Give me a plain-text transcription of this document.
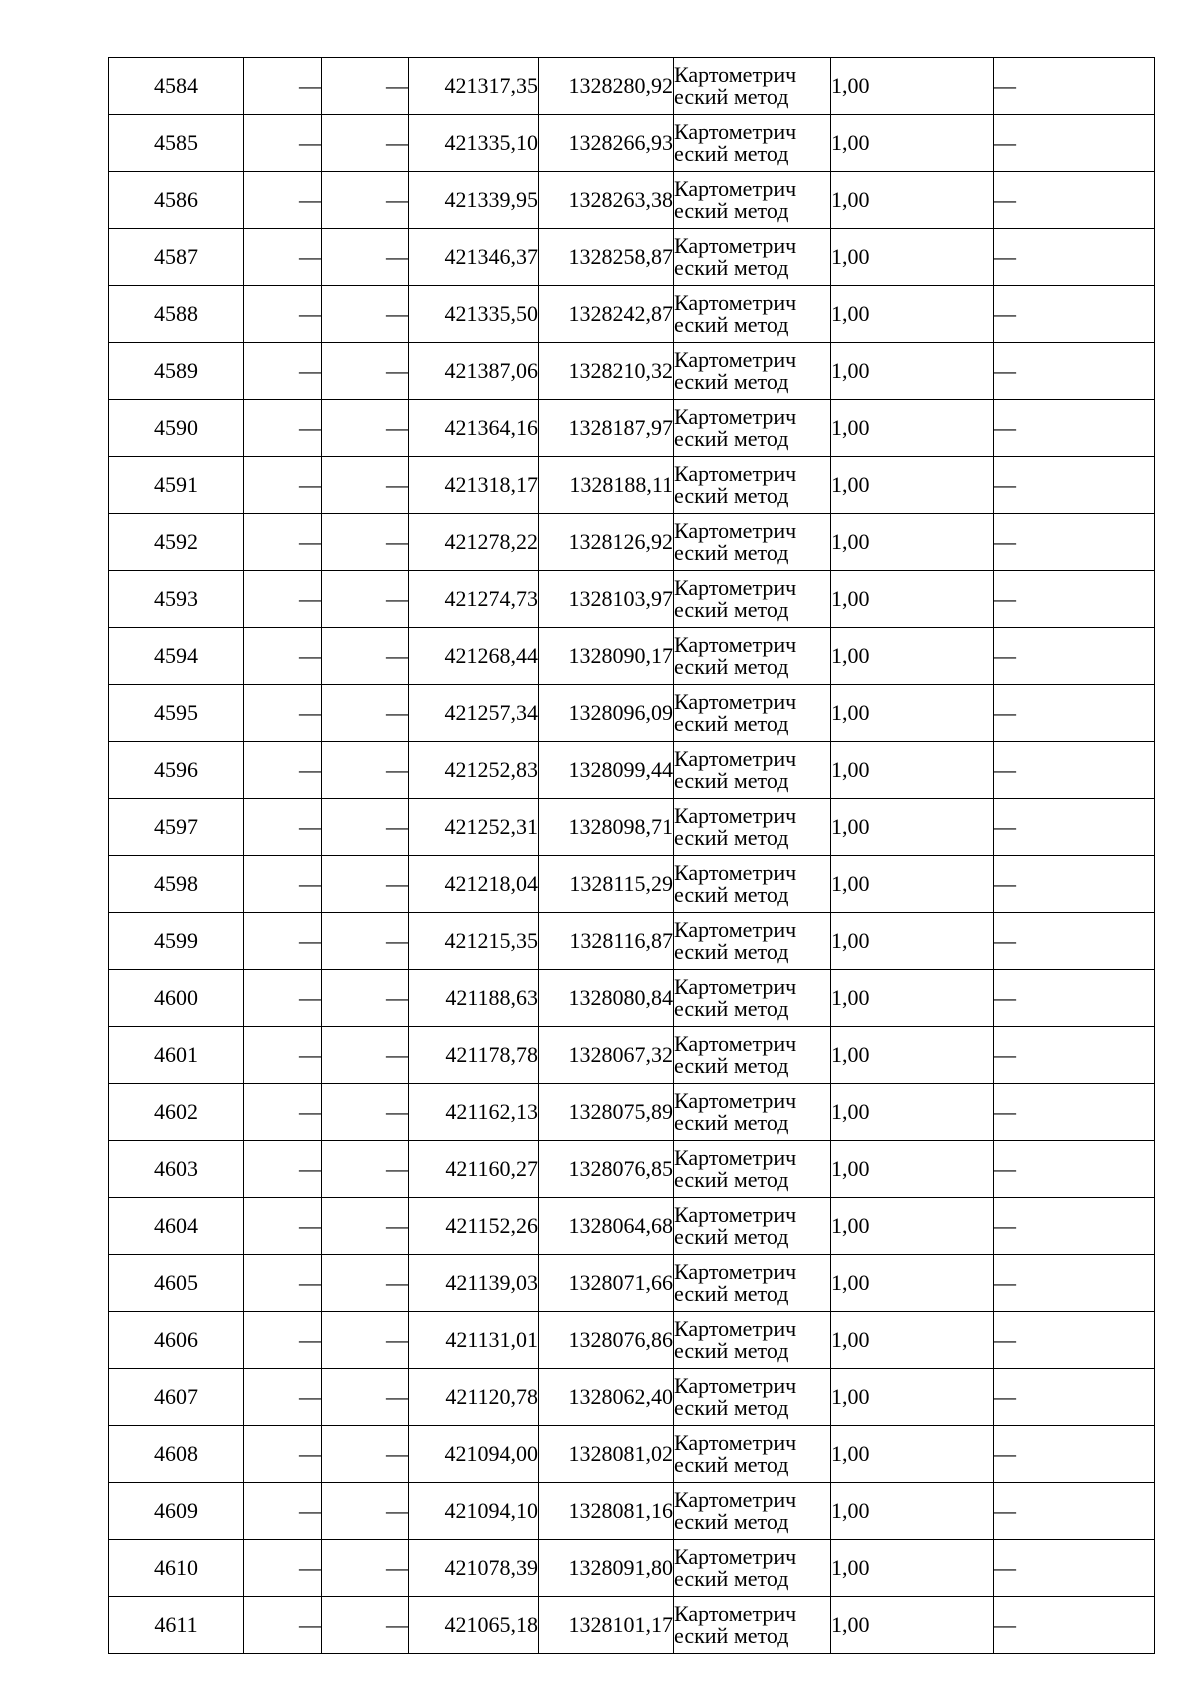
4584	—	—	421317,35	1328280,92	Картометрич
еский метод	1,00	—
4585	—	—	421335,10	1328266,93	Картометрич
еский метод	1,00	—
4586	—	—	421339,95	1328263,38	Картометрич
еский метод	1,00	—
4587	—	—	421346,37	1328258,87	Картометрич
еский метод	1,00	—
4588	—	—	421335,50	1328242,87	Картометрич
еский метод	1,00	—
4589	—	—	421387,06	1328210,32	Картометрич
еский метод	1,00	—
4590	—	—	421364,16	1328187,97	Картометрич
еский метод	1,00	—
4591	—	—	421318,17	1328188,11	Картометрич
еский метод	1,00	—
4592	—	—	421278,22	1328126,92	Картометрич
еский метод	1,00	—
4593	—	—	421274,73	1328103,97	Картометрич
еский метод	1,00	—
4594	—	—	421268,44	1328090,17	Картометрич
еский метод	1,00	—
4595	—	—	421257,34	1328096,09	Картометрич
еский метод	1,00	—
4596	—	—	421252,83	1328099,44	Картометрич
еский метод	1,00	—
4597	—	—	421252,31	1328098,71	Картометрич
еский метод	1,00	—
4598	—	—	421218,04	1328115,29	Картометрич
еский метод	1,00	—
4599	—	—	421215,35	1328116,87	Картометрич
еский метод	1,00	—
4600	—	—	421188,63	1328080,84	Картометрич
еский метод	1,00	—
4601	—	—	421178,78	1328067,32	Картометрич
еский метод	1,00	—
4602	—	—	421162,13	1328075,89	Картометрич
еский метод	1,00	—
4603	—	—	421160,27	1328076,85	Картометрич
еский метод	1,00	—
4604	—	—	421152,26	1328064,68	Картометрич
еский метод	1,00	—
4605	—	—	421139,03	1328071,66	Картометрич
еский метод	1,00	—
4606	—	—	421131,01	1328076,86	Картометрич
еский метод	1,00	—
4607	—	—	421120,78	1328062,40	Картометрич
еский метод	1,00	—
4608	—	—	421094,00	1328081,02	Картометрич
еский метод	1,00	—
4609	—	—	421094,10	1328081,16	Картометрич
еский метод	1,00	—
4610	—	—	421078,39	1328091,80	Картометрич
еский метод	1,00	—
4611	—	—	421065,18	1328101,17	Картометрич
еский метод	1,00	—
